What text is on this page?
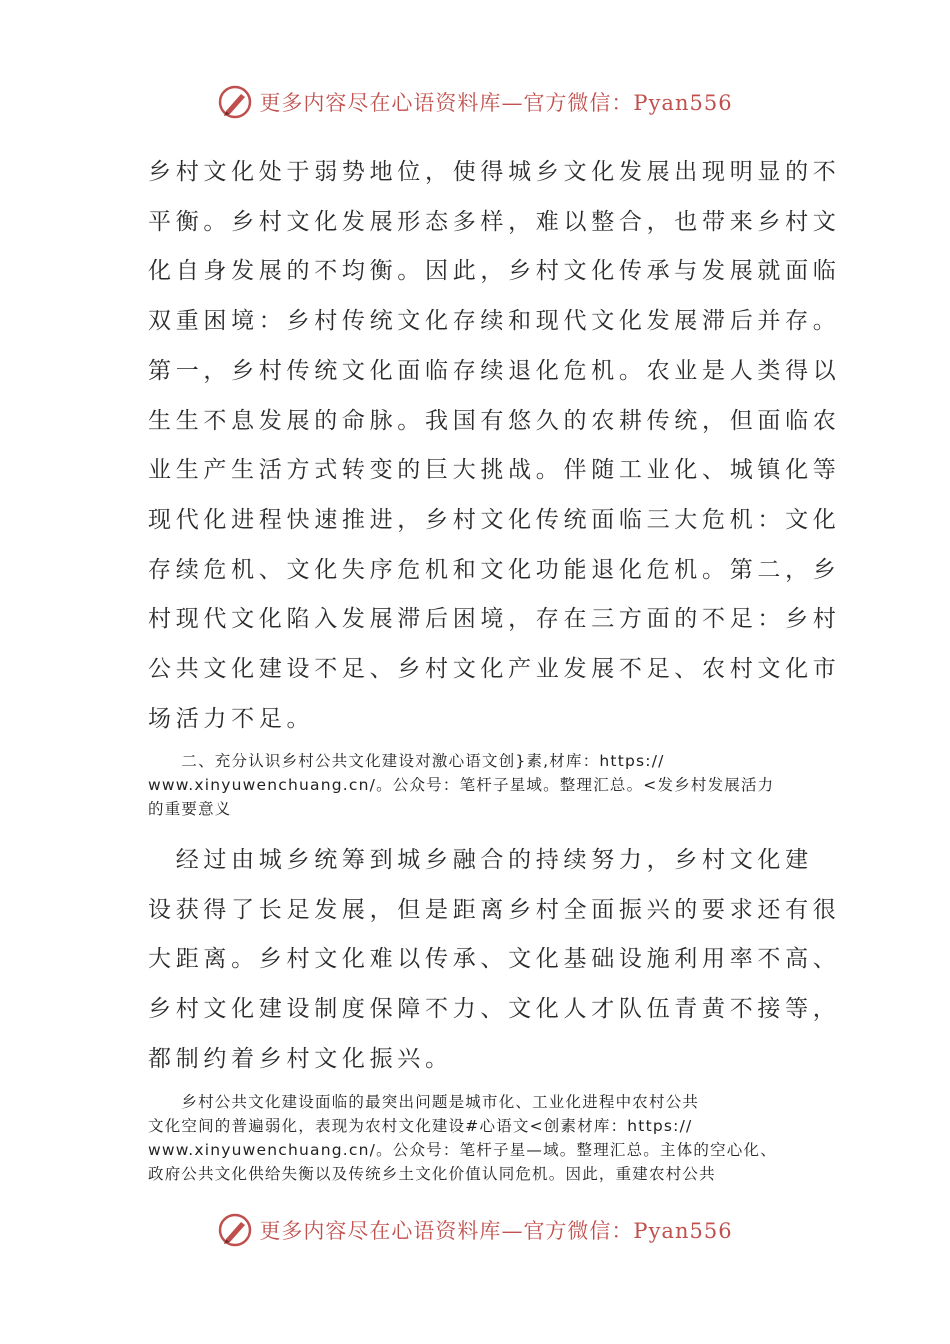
更多内容尽在心语资料库—官方微信：Pyan556
乡村文化处于弱势地位，使得城乡文化发展出现明显的不
平衡。乡村文化发展形态多样，难以整合，也带来乡村文
化自身发展的不均衡。因此，乡村文化传承与发展就面临
双重困境：乡村传统文化存续和现代文化发展滞后并存。
第一，乡村传统文化面临存续退化危机。农业是人类得以
生生不息发展的命脉。我国有悠久的农耕传统，但面临农
业生产生活方式转变的巨大挑战。伴随工业化、城镇化等
现代化进程快速推进，乡村文化传统面临三大危机：文化
存续危机、文化失序危机和文化功能退化危机。第二，乡
村现代文化陷入发展滞后困境，存在三方面的不足：乡村
公共文化建设不足、乡村文化产业发展不足、农村文化市
场活力不足。
　　二、充分认识乡村公共文化建设对激心语文创}素,材库：https://
www.xinyuwenchuang.cn/。公众号：笔杆子星域。整理汇总。<发乡村发展活力
的重要意义
　经过由城乡统筹到城乡融合的持续努力，乡村文化建
设获得了长足发展，但是距离乡村全面振兴的要求还有很
大距离。乡村文化难以传承、文化基础设施利用率不高、
乡村文化建设制度保障不力、文化人才队伍青黄不接等，
都制约着乡村文化振兴。
　　乡村公共文化建设面临的最突出问题是城市化、工业化进程中农村公共
文化空间的普遍弱化，表现为农村文化建设#心语文<创素材库：https://
www.xinyuwenchuang.cn/。公众号：笔杆子星—域。整理汇总。主体的空心化、
政府公共文化供给失衡以及传统乡土文化价值认同危机。因此，重建农村公共
更多内容尽在心语资料库—官方微信：Pyan556
